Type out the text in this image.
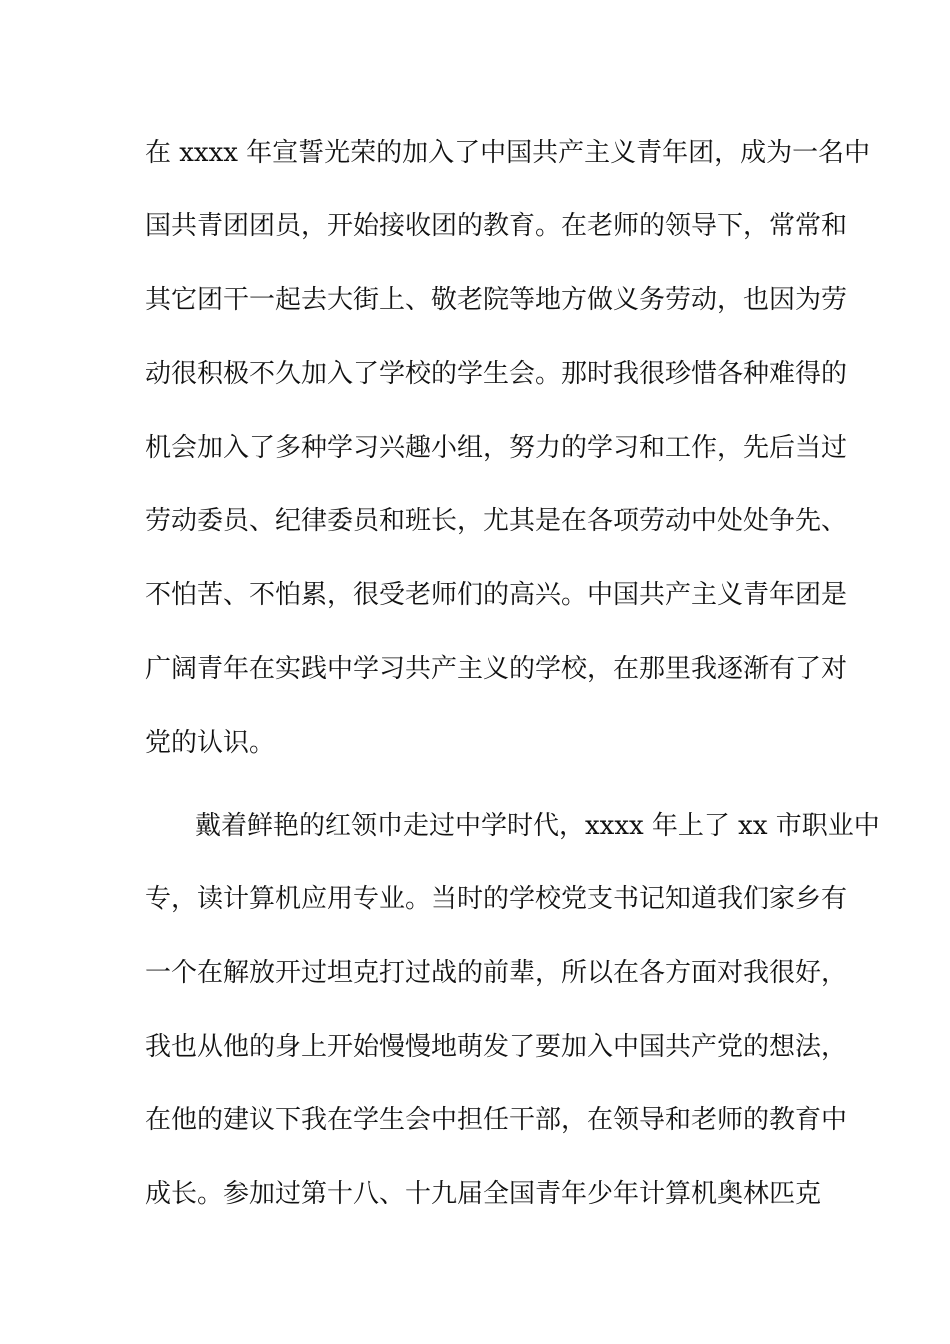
在 xxxx 年宣誓光荣的加入了中国共产主义青年团，成为一名中
国共青团团员，开始接收团的教育。在老师的领导下，常常和
其它团干一起去大街上、敬老院等地方做义务劳动，也因为劳
动很积极不久加入了学校的学生会。那时我很珍惜各种难得的
机会加入了多种学习兴趣小组，努力的学习和工作，先后当过
劳动委员、纪律委员和班长，尤其是在各项劳动中处处争先、
不怕苦、不怕累，很受老师们的高兴。中国共产主义青年团是
广阔青年在实践中学习共产主义的学校，在那里我逐渐有了对
党的认识。
戴着鲜艳的红领巾走过中学时代，xxxx 年上了 xx 市职业中
专，读计算机应用专业。当时的学校党支书记知道我们家乡有
一个在解放开过坦克打过战的前辈，所以在各方面对我很好，
我也从他的身上开始慢慢地萌发了要加入中国共产党的想法，
在他的建议下我在学生会中担任干部，在领导和老师的教育中
成长。参加过第十八、十九届全国青年少年计算机奥林匹克
